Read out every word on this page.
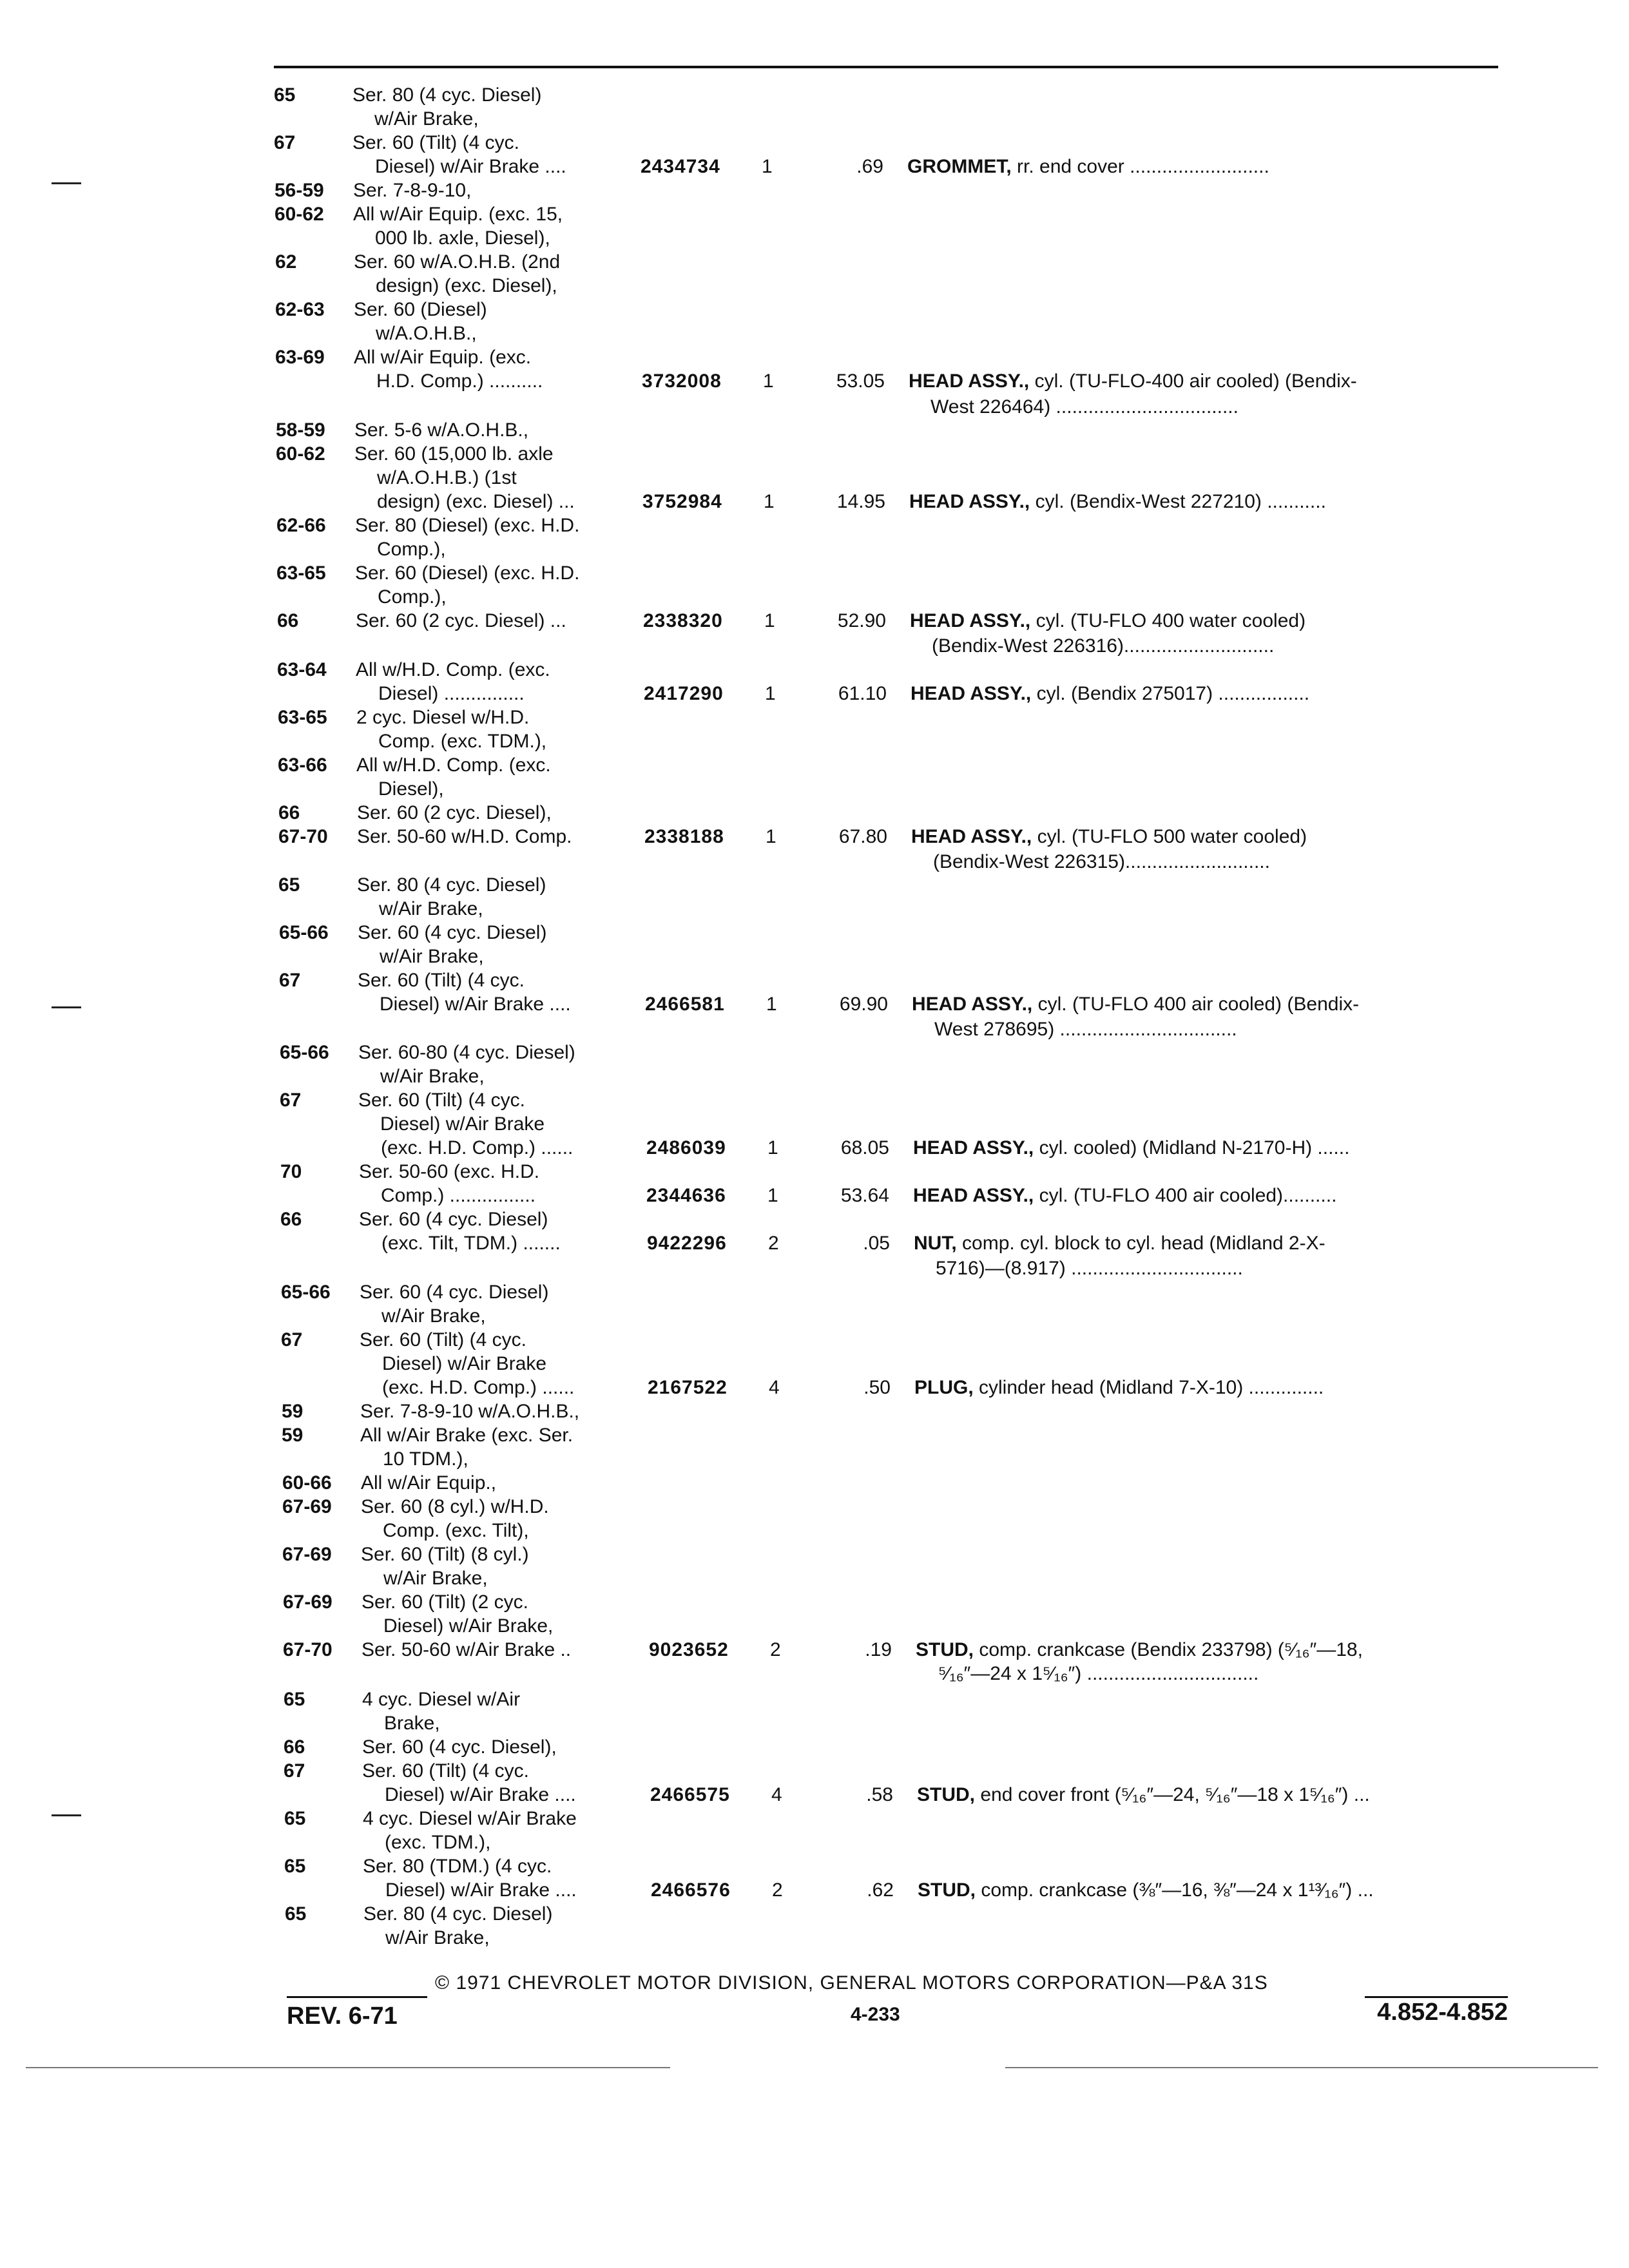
65	Ser. 80 (4 cyc. Diesel)
w/Air Brake,
67	Ser. 60 (Tilt) (4 cyc.
Diesel) w/Air Brake ....	2434734	1	.69 GROMMET, rr. end cover ..........................
56-59	Ser. 7-8-9-10,
60-62	All w/Air Equip. (exc. 15,
000 lb. axle, Diesel),
62	Ser. 60 w/A.O.H.B. (2nd
design) (exc. Diesel),
62-63	Ser. 60 (Diesel)
w/A.O.H.B.,
63-69	All w/Air Equip. (exc.
H.D. Comp.) ..........	3732008	1	53.05 HEAD ASSY., cyl. (TU-FLO-400 air cooled) (Bendix-
West 226464) ..................................
58-59	Ser. 5-6 w/A.O.H.B.,
60-62	Ser. 60 (15,000 lb. axle
w/A.O.H.B.) (1st
design) (exc. Diesel) ...	3752984	1	14.95 HEAD ASSY., cyl. (Bendix-West 227210) ...........
62-66	Ser. 80 (Diesel) (exc. H.D.
Comp.),
63-65	Ser. 60 (Diesel) (exc. H.D.
Comp.),
66	Ser. 60 (2 cyc. Diesel) ...	2338320	1	52.90 HEAD ASSY., cyl. (TU-FLO 400 water cooled)
(Bendix-West 226316)............................
63-64	All w/H.D. Comp. (exc.
Diesel) ...............	2417290	1	61.10 HEAD ASSY., cyl. (Bendix 275017) .................
63-65	2 cyc. Diesel w/H.D.
Comp. (exc. TDM.),
63-66	All w/H.D. Comp. (exc.
Diesel),
66	Ser. 60 (2 cyc. Diesel),
67-70	Ser. 50-60 w/H.D. Comp.	2338188	1	67.80 HEAD ASSY., cyl. (TU-FLO 500 water cooled)
(Bendix-West 226315)...........................
65	Ser. 80 (4 cyc. Diesel)
w/Air Brake,
65-66	Ser. 60 (4 cyc. Diesel)
w/Air Brake,
67	Ser. 60 (Tilt) (4 cyc.
Diesel) w/Air Brake ....	2466581	1	69.90 HEAD ASSY., cyl. (TU-FLO 400 air cooled) (Bendix-
West 278695) .................................
65-66	Ser. 60-80 (4 cyc. Diesel)
w/Air Brake,
67	Ser. 60 (Tilt) (4 cyc.
Diesel) w/Air Brake
(exc. H.D. Comp.) ......	2486039	1	68.05 HEAD ASSY., cyl. cooled) (Midland N-2170-H) ......
70	Ser. 50-60 (exc. H.D.
Comp.) ................	2344636	1	53.64 HEAD ASSY., cyl. (TU-FLO 400 air cooled)..........
66	Ser. 60 (4 cyc. Diesel)
(exc. Tilt, TDM.) .......	9422296	2	.05 NUT, comp. cyl. block to cyl. head (Midland 2-X-
5716)—(8.917) ................................
65-66	Ser. 60 (4 cyc. Diesel)
w/Air Brake,
67	Ser. 60 (Tilt) (4 cyc.
Diesel) w/Air Brake
(exc. H.D. Comp.) ......	2167522	4	.50 PLUG, cylinder head (Midland 7-X-10) ..............
59	Ser. 7-8-9-10 w/A.O.H.B.,
59	All w/Air Brake (exc. Ser.
10 TDM.),
60-66	All w/Air Equip.,
67-69	Ser. 60 (8 cyl.) w/H.D.
Comp. (exc. Tilt),
67-69	Ser. 60 (Tilt) (8 cyl.)
w/Air Brake,
67-69	Ser. 60 (Tilt) (2 cyc.
Diesel) w/Air Brake,
67-70	Ser. 50-60 w/Air Brake ..	9023652	2	.19 STUD, comp. crankcase (Bendix 233798) (⁵⁄₁₆″—18,
⁵⁄₁₆″—24 x 1⁵⁄₁₆″) ................................
65	4 cyc. Diesel w/Air
Brake,
66	Ser. 60 (4 cyc. Diesel),
67	Ser. 60 (Tilt) (4 cyc.
Diesel) w/Air Brake ....	2466575	4	.58 STUD, end cover front (⁵⁄₁₆″—24, ⁵⁄₁₆″—18 x 1⁵⁄₁₆″) ...
65	4 cyc. Diesel w/Air Brake
(exc. TDM.),
65	Ser. 80 (TDM.) (4 cyc.
Diesel) w/Air Brake ....	2466576	2	.62 STUD, comp. crankcase (⅜″—16, ⅜″—24 x 1¹³⁄₁₆″) ...
65	Ser. 80 (4 cyc. Diesel)
w/Air Brake,
© 1971 CHEVROLET MOTOR DIVISION, GENERAL MOTORS CORPORATION—P&A 31S
REV. 6-71	4-233	4.852-4.852
